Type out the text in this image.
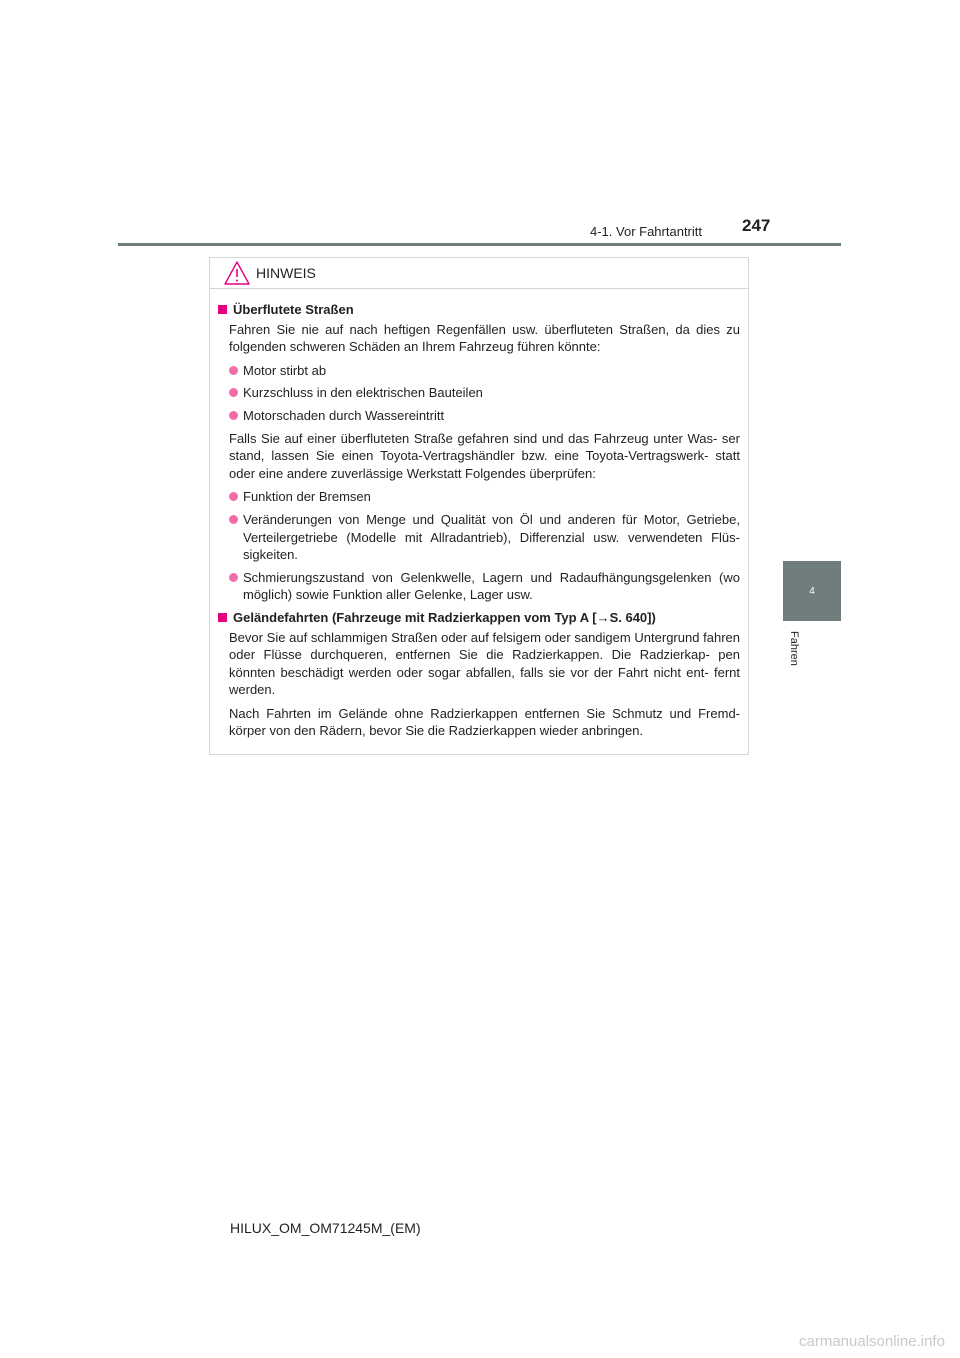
4-1. Vor Fahrtantritt 247
4
Fahren
HINWEIS
Überflutete Straßen

Fahren Sie nie auf nach heftigen Regenfällen usw. überfluteten Straßen, da dies zu folgenden schweren Schäden an Ihrem Fahrzeug führen könnte:

Motor stirbt ab
Kurzschluss in den elektrischen Bauteilen
Motorschaden durch Wassereintritt

Falls Sie auf einer überfluteten Straße gefahren sind und das Fahrzeug unter Was- ser stand, lassen Sie einen Toyota-Vertragshändler bzw. eine Toyota-Vertragswerk- statt oder eine andere zuverlässige Werkstatt Folgendes überprüfen:

Funktion der Bremsen
Veränderungen von Menge und Qualität von Öl und anderen für Motor, Getriebe, Verteilergetriebe (Modelle mit Allradantrieb), Differenzial usw. verwendeten Flüs- sigkeiten.
Schmierungszustand von Gelenkwelle, Lagern und Radaufhängungsgelenken (wo möglich) sowie Funktion aller Gelenke, Lager usw.
Geländefahrten (Fahrzeuge mit Radzierkappen vom Typ A [→S. 640])

Bevor Sie auf schlammigen Straßen oder auf felsigem oder sandigem Untergrund fahren oder Flüsse durchqueren, entfernen Sie die Radzierkappen. Die Radzierkap- pen könnten beschädigt werden oder sogar abfallen, falls sie vor der Fahrt nicht ent- fernt werden.

Nach Fahrten im Gelände ohne Radzierkappen entfernen Sie Schmutz und Fremd- körper von den Rädern, bevor Sie die Radzierkappen wieder anbringen.

HILUX_OM_OM71245M_(EM)
carmanualsonline.info
